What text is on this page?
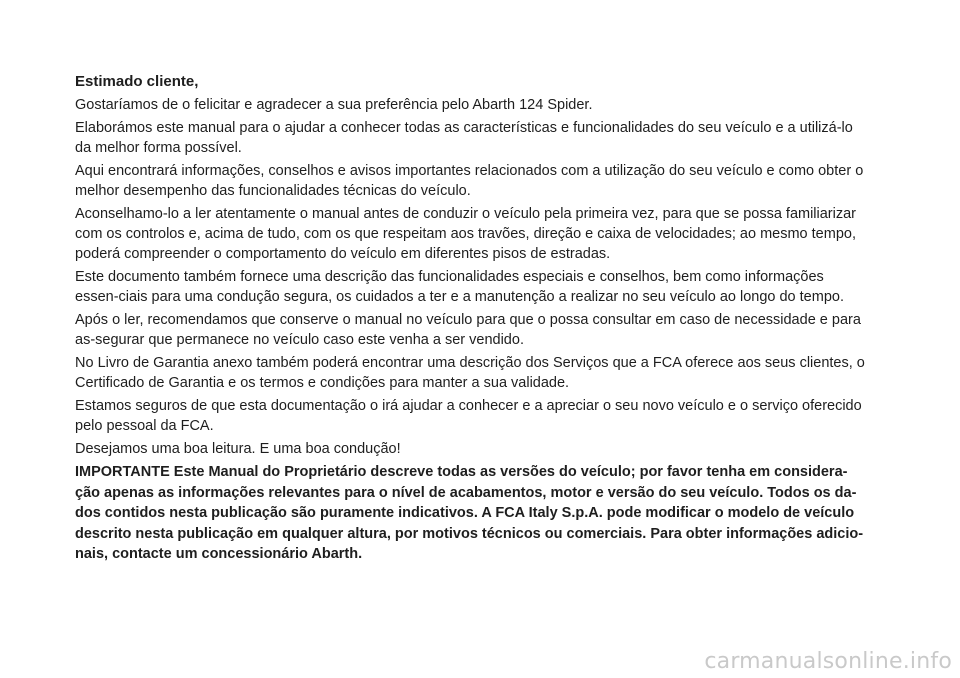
Estimado cliente,

Gostaríamos de o felicitar e agradecer a sua preferência pelo Abarth 124 Spider.

Elaborámos este manual para o ajudar a conhecer todas as características e funcionalidades do seu veículo e a utilizá-lo da melhor forma possível.

Aqui encontrará informações, conselhos e avisos importantes relacionados com a utilização do seu veículo e como obter o melhor desempenho das funcionalidades técnicas do veículo.

Aconselhamo-lo a ler atentamente o manual antes de conduzir o veículo pela primeira vez, para que se possa familiarizar com os controlos e, acima de tudo, com os que respeitam aos travões, direção e caixa de velocidades; ao mesmo tempo, poderá compreender o comportamento do veículo em diferentes pisos de estradas.

Este documento também fornece uma descrição das funcionalidades especiais e conselhos, bem como informações essen-ciais para uma condução segura, os cuidados a ter e a manutenção a realizar no seu veículo ao longo do tempo.

Após o ler, recomendamos que conserve o manual no veículo para que o possa consultar em caso de necessidade e para as-segurar que permanece no veículo caso este venha a ser vendido.

No Livro de Garantia anexo também poderá encontrar uma descrição dos Serviços que a FCA oferece aos seus clientes, o Certificado de Garantia e os termos e condições para manter a sua validade.

Estamos seguros de que esta documentação o irá ajudar a conhecer e a apreciar o seu novo veículo e o serviço oferecido pelo pessoal da FCA.

Desejamos uma boa leitura. E uma boa condução!

IMPORTANTE Este Manual do Proprietário descreve todas as versões do veículo; por favor tenha em considera-ção apenas as informações relevantes para o nível de acabamentos, motor e versão do seu veículo. Todos os da-dos contidos nesta publicação são puramente indicativos. A FCA Italy S.p.A. pode modificar o modelo de veículo descrito nesta publicação em qualquer altura, por motivos técnicos ou comerciais. Para obter informações adicio-nais, contacte um concessionário Abarth.

carmanualsonline.info
